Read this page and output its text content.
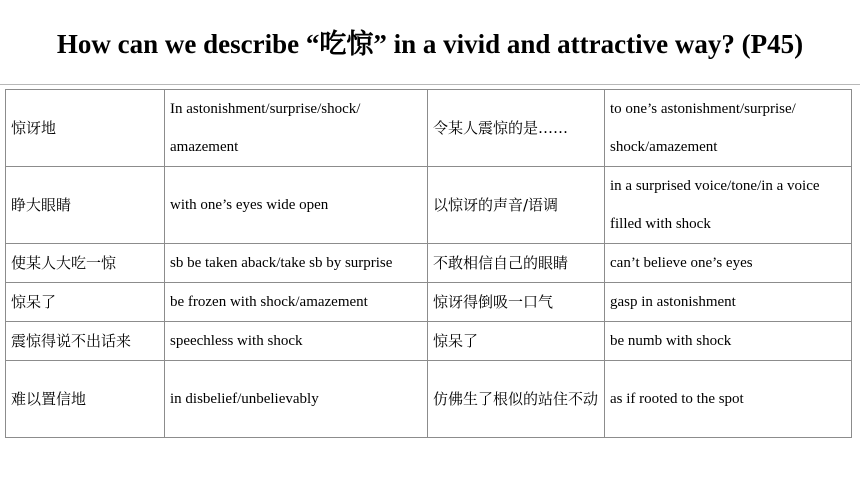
How can we describe “吃惊” in a vivid and attractive way? (P45)
惊讶地	In astonishment/surprise/shock/ amazement	令某人震惊的是……	to one’s astonishment/surprise/ shock/amazement
睁大眼睛	with one’s eyes wide open	以惊讶的声音/语调	in a surprised voice/tone/in a voice filled with shock
使某人大吃一惊	sb be taken aback/take sb by surprise	不敢相信自己的眼睛	can’t believe one’s eyes
惊呆了	be frozen with shock/amazement	惊讶得倒吸一口气	gasp in astonishment
震惊得说不出话来	speechless with shock	惊呆了	be numb with shock
难以置信地	in disbelief/unbelievably	仿佛生了根似的站住不动	as if rooted to the spot
